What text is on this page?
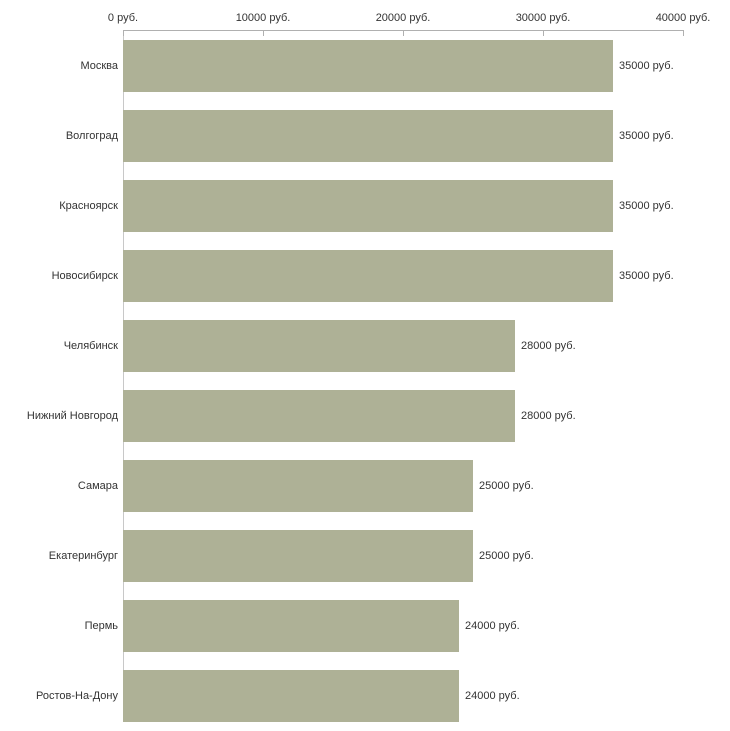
0 руб.	10000 руб.	20000 руб.	30000 руб.	40000 руб.
Москва	35000 руб.
Волгоград	35000 руб.
Красноярск	35000 руб.
Новосибирск	35000 руб.
Челябинск	28000 руб.
Нижний Новгород	28000 руб.
Самара	25000 руб.
Екатеринбург	25000 руб.
Пермь	24000 руб.
Ростов-На-Дону	24000 руб.
